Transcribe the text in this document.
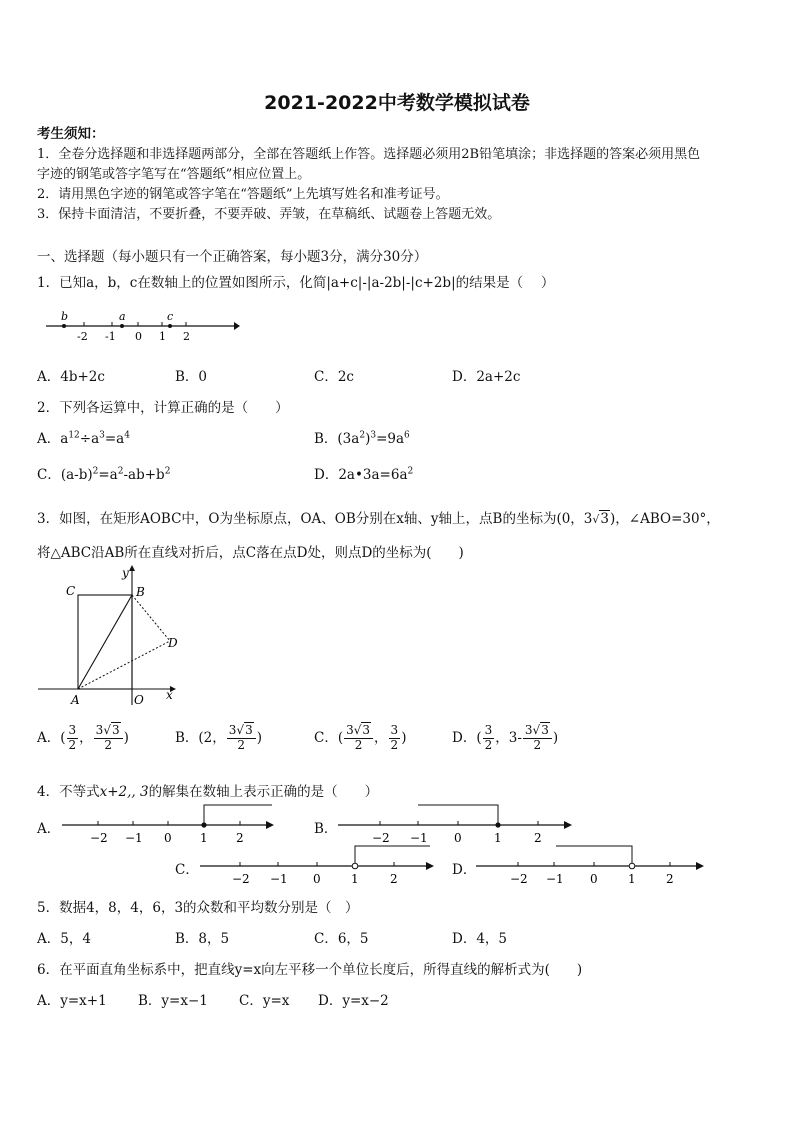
2021-2022中考数学模拟试卷
考生须知：
1．全卷分选择题和非选择题两部分，全部在答题纸上作答。选择题必须用2B铅笔填涂；非选择题的答案必须用黑色
字迹的钢笔或答字笔写在“答题纸”相应位置上。
2．请用黑色字迹的钢笔或答字笔在“答题纸”上先填写姓名和准考证号。
3．保持卡面清洁，不要折叠，不要弄破、弄皱，在草稿纸、试题卷上答题无效。
一、选择题（每小题只有一个正确答案，每小题3分，满分30分）
1．已知a，b，c在数轴上的位置如图所示，化简|a+c|-|a-2b|-|c+2b|的结果是（　 ）
b	a	c
-2 -1 0 1 2
A．4b+2c	B．0	C．2c	D．2a+2c
2．下列各运算中，计算正确的是（　　）
A．$a^{12}\div a^3=a^4$	B．$(3a^2)^3=9a^6$
C．$(a-b)^2=a^2-ab+b^2$	D．$2a•3a=6a^2$
3．如图，在矩形AOBC中，O为坐标原点，OA、OB分别在x轴、y轴上，点B的坐标为(0，3√3)，∠ABO=30°，
将△ABC沿AB所在直线对折后，点C落在点D处，则点D的坐标为(　　)
C	B
D
A	O x
y
A．( $\frac{3}{2}$ ， $\frac{3√3}{2}$ )	B．(2， $\frac{3√3}{2}$ )	C．( $\frac{3√3}{2}$ ， $\frac{3}{2}$ )	D．( $\frac{3}{2}$ ，$3- \frac{3√3}{2}$ )
4．不等式x+2,, 3的解集在数轴上表示正确的是（　　）
A．
−2 −1 0 1 2
B．
−2 −1 0	1	2
C．
−2 −1 0	1	2
D．
−2 −1 0	1	2
5．数据4，8，4，6，3的众数和平均数分别是（　）
A．5，4	B．8，5	C．6，5	D．4，5
6．在平面直角坐标系中，把直线y=x向左平移一个单位长度后，所得直线的解析式为(　　)
A．y=x+1 B．y=x−1 C．y=x D．y=x−2
